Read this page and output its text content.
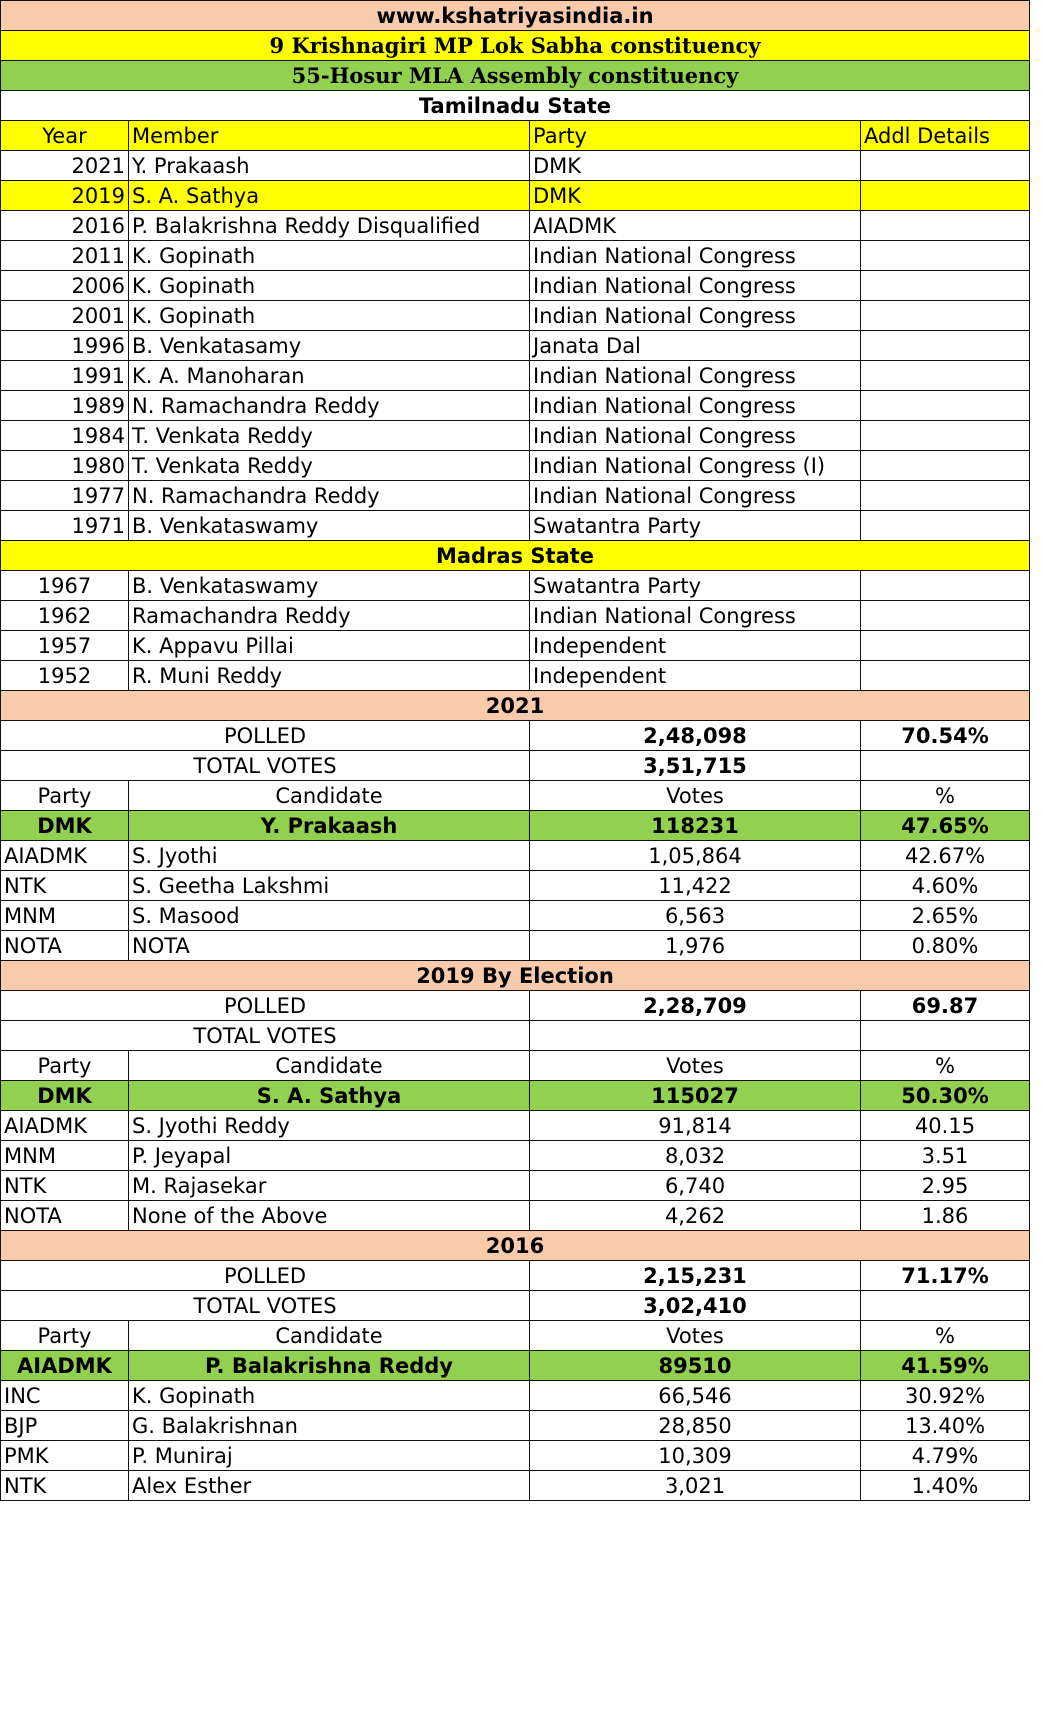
www.kshatriyasindia.in			
9 Krishnagiri MP Lok Sabha constituency			
55-Hosur MLA Assembly constituency			
Tamilnadu State			
Year	Member	Party	Addl Details
2021	Y. Prakaash	DMK	
2019	S. A. Sathya	DMK	
2016	P. Balakrishna Reddy Disqualified	AIADMK	
2011	K. Gopinath	Indian National Congress	
2006	K. Gopinath	Indian National Congress	
2001	K. Gopinath	Indian National Congress	
1996	B. Venkatasamy	Janata Dal	
1991	K. A. Manoharan	Indian National Congress	
1989	N. Ramachandra Reddy	Indian National Congress	
1984	T. Venkata Reddy	Indian National Congress	
1980	T. Venkata Reddy	Indian National Congress (I)	
1977	N. Ramachandra Reddy	Indian National Congress	
1971	B. Venkataswamy	Swatantra Party	
Madras State			
1967	B. Venkataswamy	Swatantra Party	
1962	Ramachandra Reddy	Indian National Congress	
1957	K. Appavu Pillai	Independent	
1952	R. Muni Reddy	Independent	
2021			
POLLED		2,48,098	70.54%
TOTAL VOTES		3,51,715	
Party	Candidate	Votes	%
DMK	Y. Prakaash	118231	47.65%
AIADMK	S. Jyothi	1,05,864	42.67%
NTK	S. Geetha Lakshmi	11,422	4.60%
MNM	S. Masood	6,563	2.65%
NOTA	NOTA	1,976	0.80%
2019 By Election			
POLLED		2,28,709	69.87
TOTAL VOTES			
Party	Candidate	Votes	%
DMK	S. A. Sathya	115027	50.30%
AIADMK	S. Jyothi Reddy	91,814	40.15
MNM	P. Jeyapal	8,032	3.51
NTK	M. Rajasekar	6,740	2.95
NOTA	None of the Above	4,262	1.86
2016			
POLLED		2,15,231	71.17%
TOTAL VOTES		3,02,410	
Party	Candidate	Votes	%
AIADMK	P. Balakrishna Reddy	89510	41.59%
INC	K. Gopinath	66,546	30.92%
BJP	G. Balakrishnan	28,850	13.40%
PMK	P. Muniraj	10,309	4.79%
NTK	Alex Esther	3,021	1.40%
